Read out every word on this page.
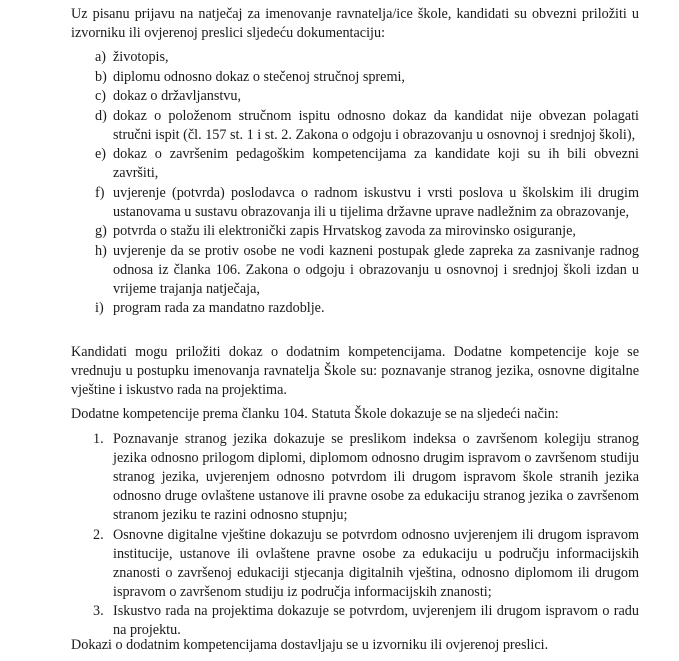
Uz pisanu prijavu na natječaj za imenovanje ravnatelja/ice škole, kandidati su obvezni priložiti u izvorniku ili ovjerenoj preslici sljedeću dokumentaciju:

a) životopis,
b) diplomu odnosno dokaz o stečenoj stručnoj spremi,
c) dokaz o državljanstvu,
d) dokaz o položenom stručnom ispitu odnosno dokaz da kandidat nije obvezan polagati stručni ispit (čl. 157 st. 1 i st. 2. Zakona o odgoju i obrazovanju u osnovnoj i srednjoj školi),
e) dokaz o završenim pedagoškim kompetencijama za kandidate koji su ih bili obvezni završiti,
f) uvjerenje (potvrda) poslodavca o radnom iskustvu i vrsti poslova u školskim ili drugim ustanovama u sustavu obrazovanja ili u tijelima državne uprave nadležnim za obrazovanje,
g) potvrda o stažu ili elektronički zapis Hrvatskog zavoda za mirovinsko osiguranje,
h) uvjerenje da se protiv osobe ne vodi kazneni postupak glede zapreka za zasnivanje radnog odnosa iz članka 106. Zakona o odgoju i obrazovanju u osnovnoj i srednjoj školi izdan u vrijeme trajanja natječaja,
i) program rada za mandatno razdoblje.

Kandidati mogu priložiti dokaz o dodatnim kompetencijama. Dodatne kompetencije koje se vrednuju u postupku imenovanja ravnatelja Škole su: poznavanje stranog jezika, osnovne digitalne vještine i iskustvo rada na projektima.

Dodatne kompetencije prema članku 104. Statuta Škole dokazuje se na sljedeći način:

1. Poznavanje stranog jezika dokazuje se preslikom indeksa o završenom kolegiju stranog jezika odnosno prilogom diplomi, diplomom odnosno drugim ispravom o završenom studiju stranog jezika, uvjerenjem odnosno potvrdom ili drugom ispravom škole stranih jezika odnosno druge ovlaštene ustanove ili pravne osobe za edukaciju stranog jezika o završenom stranom jeziku te razini odnosno stupnju;
2. Osnovne digitalne vještine dokazuju se potvrdom odnosno uvjerenjem ili drugom ispravom institucije, ustanove ili ovlaštene pravne osobe za edukaciju u području informacijskih znanosti o završenoj edukaciji stjecanja digitalnih vještina, odnosno diplomom ili drugom ispravom o završenom studiju iz područja informacijskih znanosti;
3. Iskustvo rada na projektima dokazuje se potvrdom, uvjerenjem ili drugom ispravom o radu na projektu.

Dokazi o dodatnim kompetencijama dostavljaju se u izvorniku ili ovjerenoj preslici.
